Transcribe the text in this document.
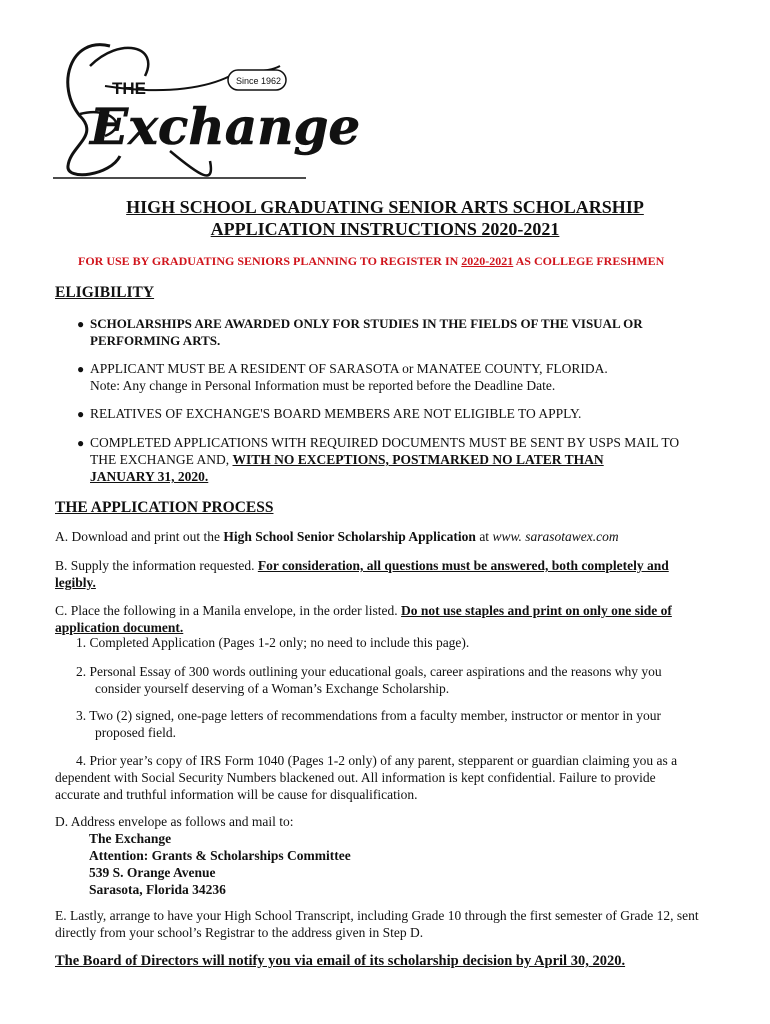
THE	Since 1962
Exchange
HIGH SCHOOL GRADUATING SENIOR ARTS SCHOLARSHIP
APPLICATION INSTRUCTIONS 2020-2021
FOR USE BY GRADUATING SENIORS PLANNING TO REGISTER IN 2020-2021 AS COLLEGE FRESHMEN
ELIGIBILITY
● SCHOLARSHIPS ARE AWARDED ONLY FOR STUDIES IN THE FIELDS OF THE VISUAL OR
PERFORMING ARTS.
● APPLICANT MUST BE A RESIDENT OF SARASOTA or MANATEE COUNTY, FLORIDA.
Note: Any change in Personal Information must be reported before the Deadline Date.
● RELATIVES OF EXCHANGE'S BOARD MEMBERS ARE NOT ELIGIBLE TO APPLY.
● COMPLETED APPLICATIONS WITH REQUIRED DOCUMENTS MUST BE SENT BY USPS MAIL TO
THE EXCHANGE AND, WITH NO EXCEPTIONS, POSTMARKED NO LATER THAN
JANUARY 31, 2020.
THE APPLICATION PROCESS
A. Download and print out the High School Senior Scholarship Application at www. sarasotawex.com
B. Supply the information requested. For consideration, all questions must be answered, both completely and
legibly.
C. Place the following in a Manila envelope, in the order listed. Do not use staples and print on only one side of
application document.
1. Completed Application (Pages 1-2 only; no need to include this page).
2. Personal Essay of 300 words outlining your educational goals, career aspirations and the reasons why you
consider yourself deserving of a Woman’s Exchange Scholarship.
3. Two (2) signed, one-page letters of recommendations from a faculty member, instructor or mentor in your
proposed field.
4. Prior year’s copy of IRS Form 1040 (Pages 1-2 only) of any parent, stepparent or guardian claiming you as a
dependent with Social Security Numbers blackened out. All information is kept confidential. Failure to provide
accurate and truthful information will be cause for disqualification.
D. Address envelope as follows and mail to:
The Exchange
Attention: Grants & Scholarships Committee
539 S. Orange Avenue
Sarasota, Florida 34236
E. Lastly, arrange to have your High School Transcript, including Grade 10 through the first semester of Grade 12, sent
directly from your school’s Registrar to the address given in Step D.
The Board of Directors will notify you via email of its scholarship decision by April 30, 2020.
